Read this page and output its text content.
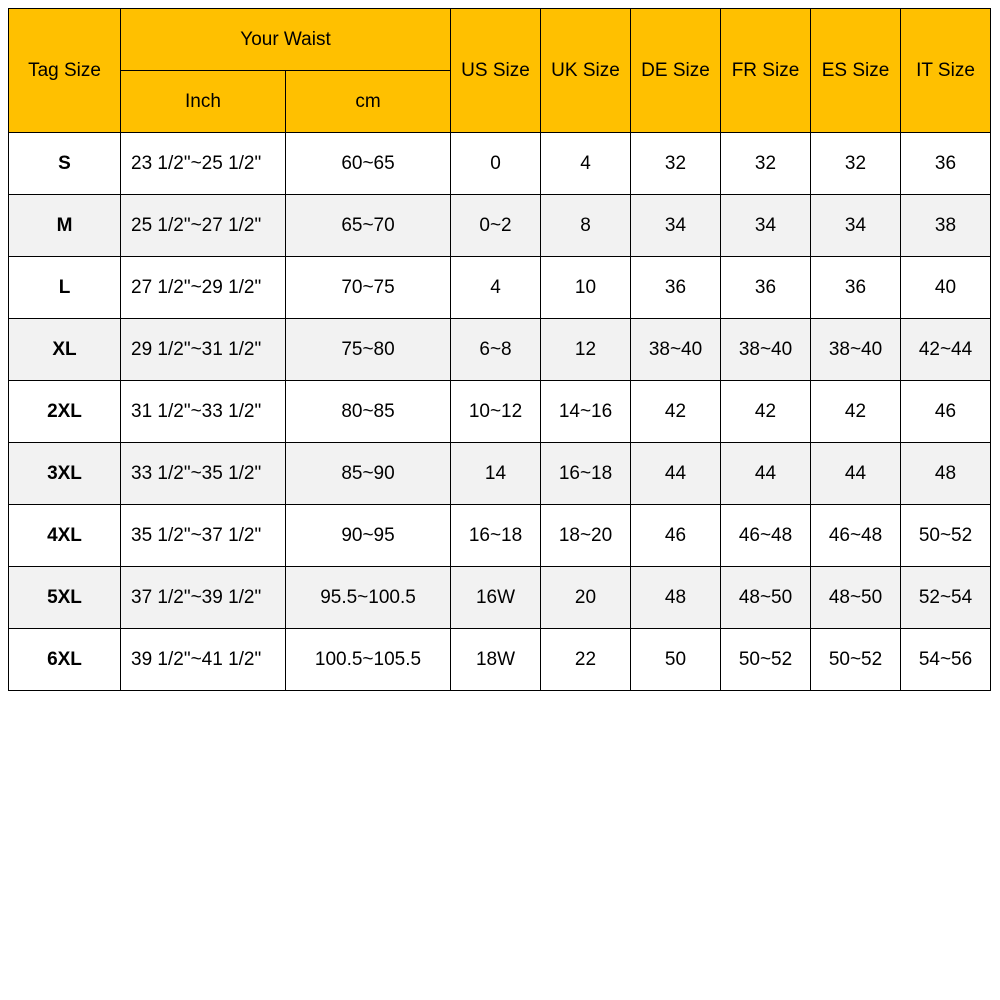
Tag Size	Your Waist		US Size	UK Size	DE Size	FR Size	ES Size	IT Size
	Inch	cm						
S	23 1/2"~25 1/2"	60~65	0	4	32	32	32	36
M	25 1/2"~27 1/2"	65~70	0~2	8	34	34	34	38
L	27 1/2"~29 1/2"	70~75	4	10	36	36	36	40
XL	29 1/2"~31 1/2"	75~80	6~8	12	38~40	38~40	38~40	42~44
2XL	31 1/2"~33 1/2"	80~85	10~12	14~16	42	42	42	46
3XL	33 1/2"~35 1/2"	85~90	14	16~18	44	44	44	48
4XL	35 1/2"~37 1/2"	90~95	16~18	18~20	46	46~48	46~48	50~52
5XL	37 1/2"~39 1/2"	95.5~100.5	16W	20	48	48~50	48~50	52~54
6XL	39 1/2"~41 1/2"	100.5~105.5	18W	22	50	50~52	50~52	54~56
